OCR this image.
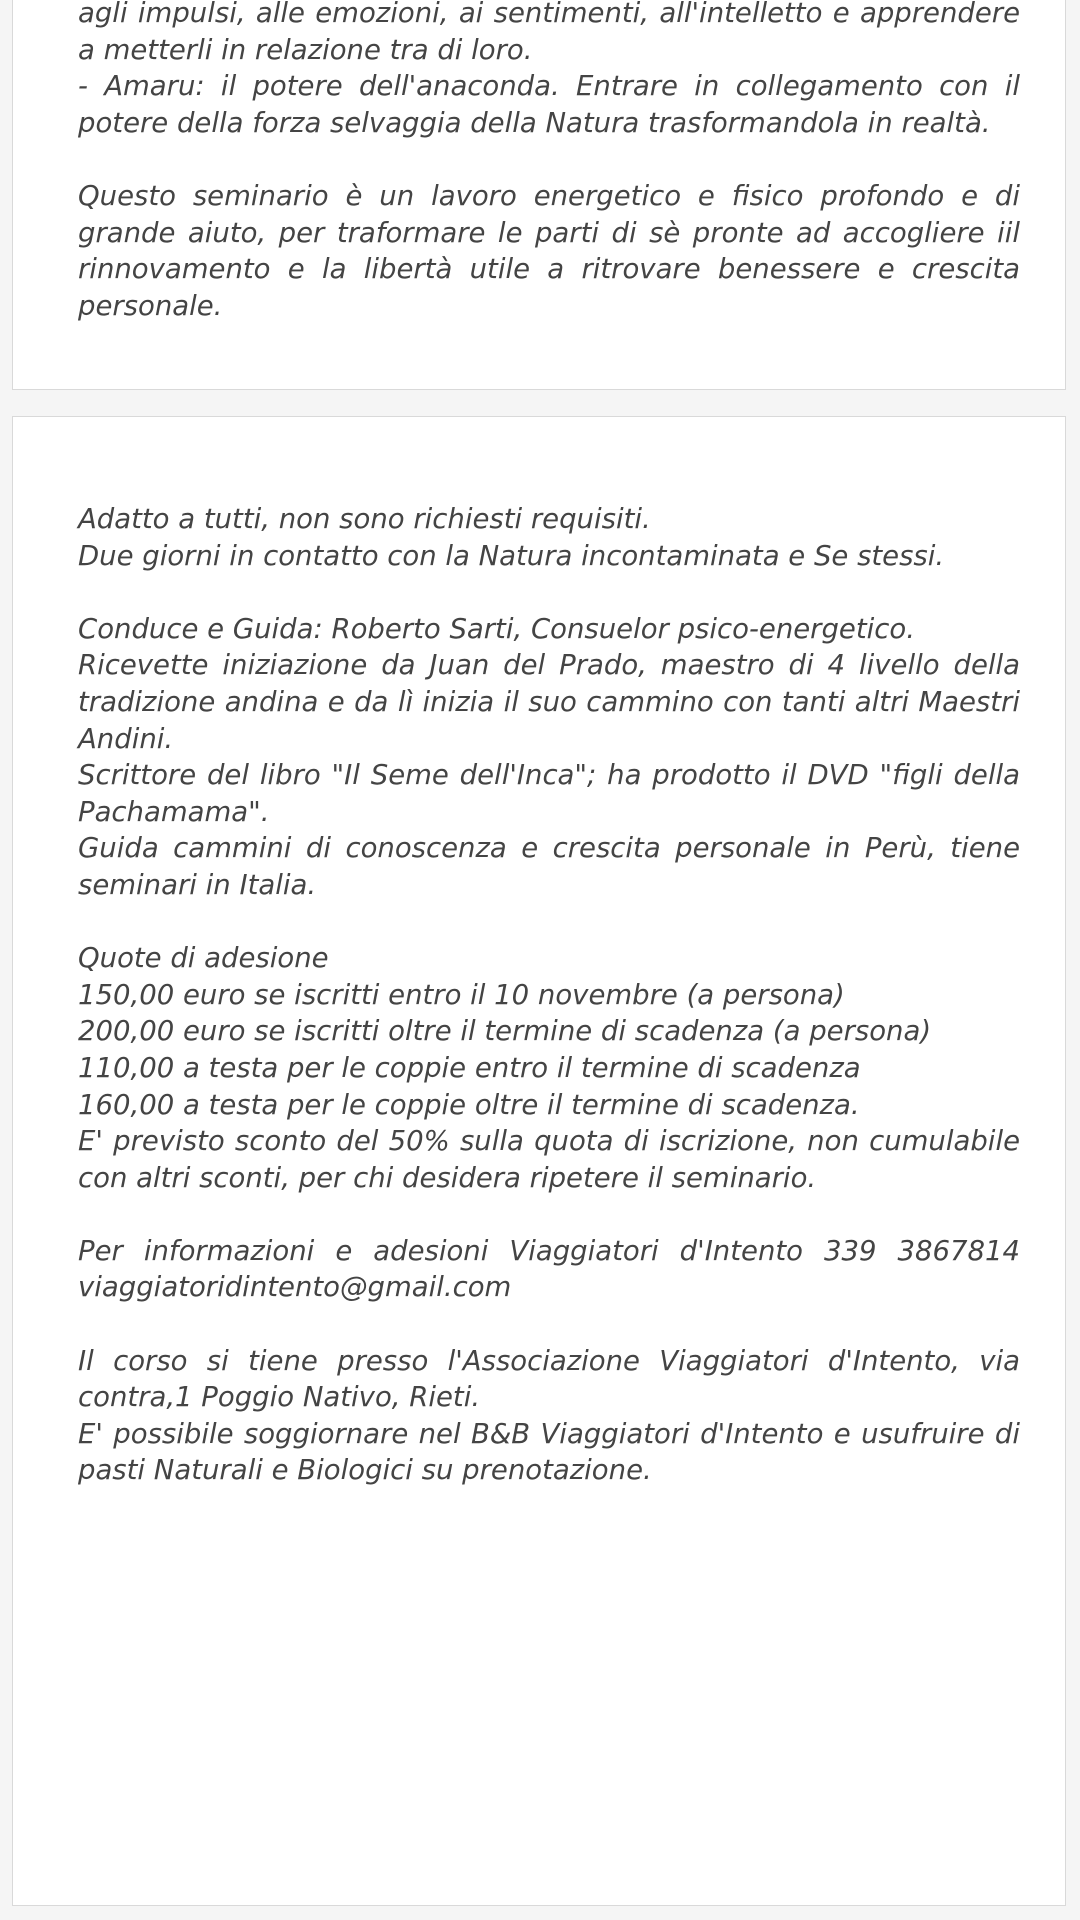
agli impulsi, alle emozioni, ai sentimenti, all'intelletto e apprendere
a metterli in relazione tra di loro.
- Amaru: il potere dell'anaconda. Entrare in collegamento con il
potere della forza selvaggia della Natura trasformandola in realtà.
Questo seminario è un lavoro energetico e fisico profondo e di
grande aiuto, per traformare le parti di sè pronte ad accogliere iil
rinnovamento e la libertà utile a ritrovare benessere e crescita
personale.
Adatto a tutti, non sono richiesti requisiti.
Due giorni in contatto con la Natura incontaminata e Se stessi.
Conduce e Guida: Roberto Sarti, Consuelor psico-energetico.
Ricevette iniziazione da Juan del Prado, maestro di 4 livello della
tradizione andina e da lì inizia il suo cammino con tanti altri Maestri
Andini.
Scrittore del libro "Il Seme dell'Inca"; ha prodotto il DVD "figli della
Pachamama".
Guida cammini di conoscenza e crescita personale in Perù, tiene
seminari in Italia.
Quote di adesione
150,00 euro se iscritti entro il 10 novembre (a persona)
200,00 euro se iscritti oltre il termine di scadenza (a persona)
110,00 a testa per le coppie entro il termine di scadenza
160,00 a testa per le coppie oltre il termine di scadenza.
E' previsto sconto del 50% sulla quota di iscrizione, non cumulabile
con altri sconti, per chi desidera ripetere il seminario.
Per informazioni e adesioni Viaggiatori d'Intento 339 3867814
viaggiatoridintento@gmail.com
Il corso si tiene presso l'Associazione Viaggiatori d'Intento, via
contra,1 Poggio Nativo, Rieti.
E' possibile soggiornare nel B&B Viaggiatori d'Intento e usufruire di
pasti Naturali e Biologici su prenotazione.
